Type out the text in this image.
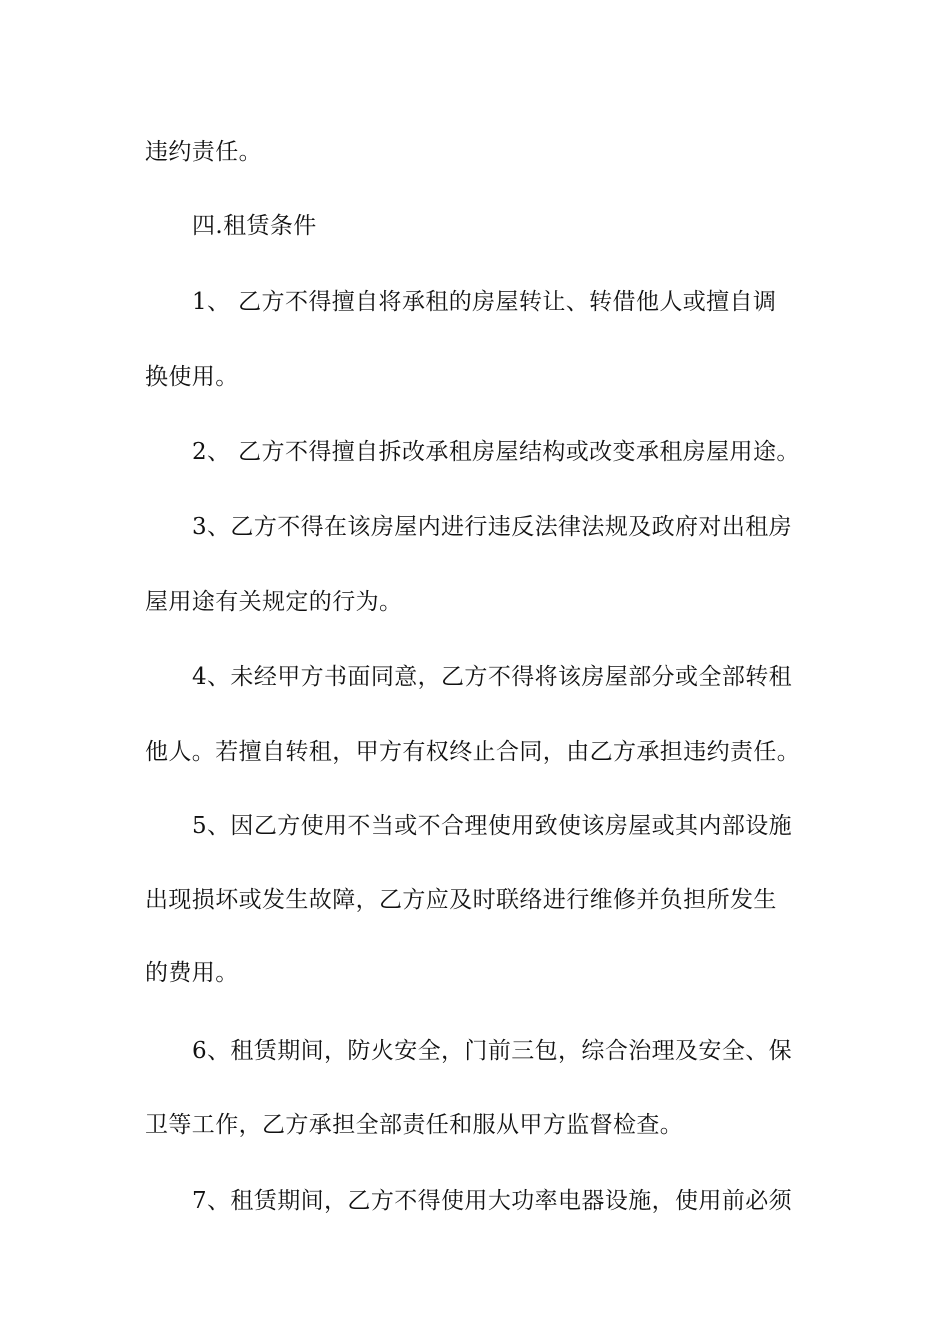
违约责任。
四.租赁条件
1、 乙方不得擅自将承租的房屋转让、转借他人或擅自调
换使用。
2、 乙方不得擅自拆改承租房屋结构或改变承租房屋用途。
3、乙方不得在该房屋内进行违反法律法规及政府对出租房
屋用途有关规定的行为。
4、未经甲方书面同意，乙方不得将该房屋部分或全部转租
他人。若擅自转租，甲方有权终止合同，由乙方承担违约责任。
5、因乙方使用不当或不合理使用致使该房屋或其内部设施
出现损坏或发生故障，乙方应及时联络进行维修并负担所发生
的费用。
6、租赁期间，防火安全，门前三包，综合治理及安全、保
卫等工作，乙方承担全部责任和服从甲方监督检查。
7、租赁期间，乙方不得使用大功率电器设施，使用前必须
